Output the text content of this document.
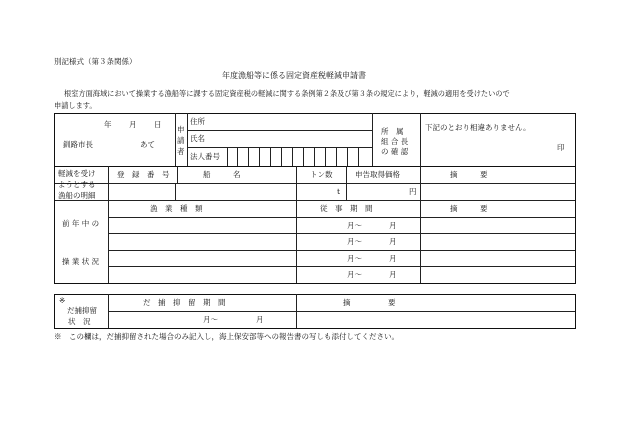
別記様式（第３条関係）
年度漁船等に係る固定資産税軽減申請書
根室方面海域において操業する漁船等に課する固定資産税の軽減に関する条例第２条及び第３条の規定により，軽減の適用を受けたいので
申請します。
年 月 日
釧路市長	あて
申
請
者
住所
氏名
法人番号
所　属
組 合 長
の 確 認
下記のとおり相違ありません。
印
軽減を受け
ようとする
漁船の明細
登　録　番　号	船　　　名	トン数	申告取得価格	摘　　　要
t	円
前 年 中 の
操 業 状 況
漁　業　種　類	従　事　期　間	摘　　　要
月～	月
月～	月
月～	月
月～	月
※
だ捕抑留
状　況
だ　捕　抑　留　期　間	摘　　　　　要
月～	月
※　この欄は，だ捕抑留された場合のみ記入し，海上保安部等への報告書の写しも添付してください。
